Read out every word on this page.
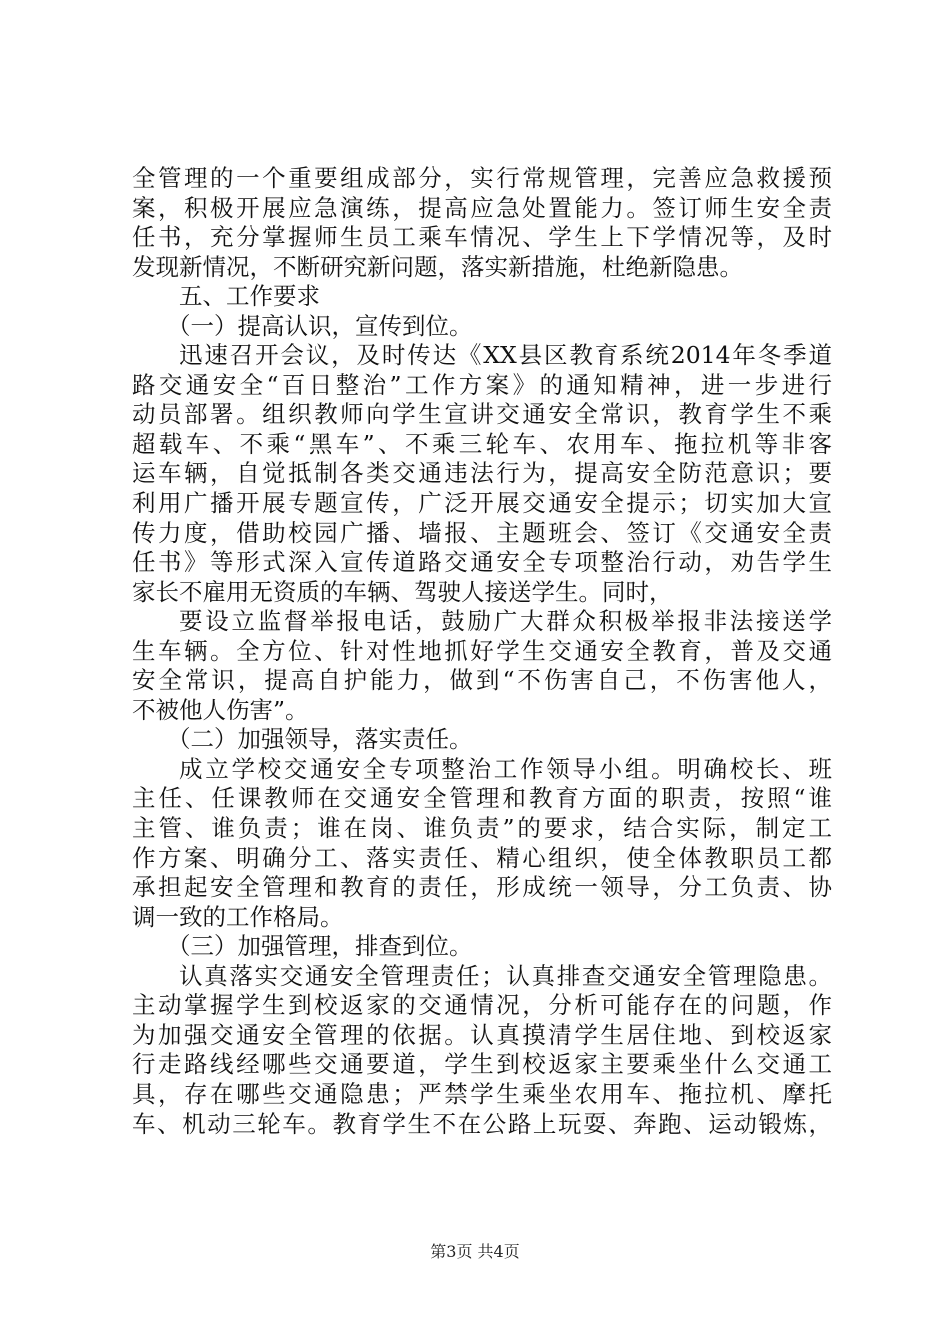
全管理的一个重要组成部分，实行常规管理，完善应急救援预
案，积极开展应急演练，提高应急处置能力。签订师生安全责
任书，充分掌握师生员工乘车情况、学生上下学情况等，及时
发现新情况，不断研究新问题，落实新措施，杜绝新隐患。
五、工作要求
（一）提高认识，宣传到位。
迅速召开会议，及时传达《XX县区教育系统2014年冬季道
路交通安全“百日整治”工作方案》的通知精神，进一步进行
动员部署。组织教师向学生宣讲交通安全常识，教育学生不乘
超载车、不乘“黑车”、不乘三轮车、农用车、拖拉机等非客
运车辆，自觉抵制各类交通违法行为，提高安全防范意识；要
利用广播开展专题宣传，广泛开展交通安全提示；切实加大宣
传力度，借助校园广播、墙报、主题班会、签订《交通安全责
任书》等形式深入宣传道路交通安全专项整治行动，劝告学生
家长不雇用无资质的车辆、驾驶人接送学生。同时，
要设立监督举报电话，鼓励广大群众积极举报非法接送学
生车辆。全方位、针对性地抓好学生交通安全教育，普及交通
安全常识，提高自护能力，做到“不伤害自己，不伤害他人，
不被他人伤害”。
（二）加强领导，落实责任。
成立学校交通安全专项整治工作领导小组。明确校长、班
主任、任课教师在交通安全管理和教育方面的职责，按照“谁
主管、谁负责；谁在岗、谁负责”的要求，结合实际，制定工
作方案、明确分工、落实责任、精心组织，使全体教职员工都
承担起安全管理和教育的责任，形成统一领导，分工负责、协
调一致的工作格局。
（三）加强管理，排查到位。
认真落实交通安全管理责任；认真排查交通安全管理隐患。
主动掌握学生到校返家的交通情况，分析可能存在的问题，作
为加强交通安全管理的依据。认真摸清学生居住地、到校返家
行走路线经哪些交通要道，学生到校返家主要乘坐什么交通工
具，存在哪些交通隐患；严禁学生乘坐农用车、拖拉机、摩托
车、机动三轮车。教育学生不在公路上玩耍、奔跑、运动锻炼，
第3页 共4页
